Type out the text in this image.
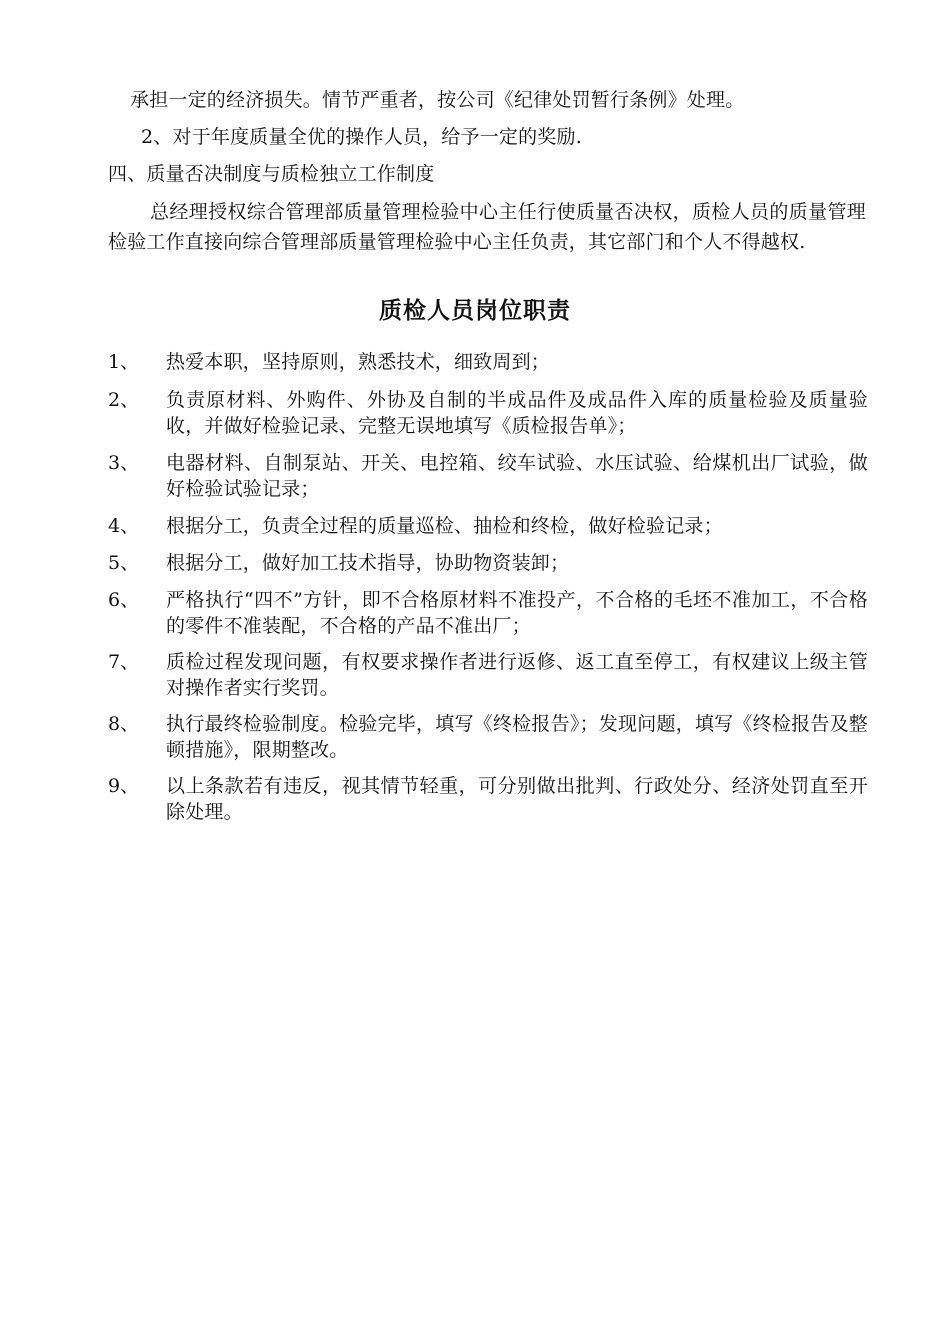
承担一定的经济损失。情节严重者，按公司《纪律处罚暂行条例》处理。
2、对于年度质量全优的操作人员，给予一定的奖励.
四、质量否决制度与质检独立工作制度
总经理授权综合管理部质量管理检验中心主任行使质量否决权，质检人员的质量管理检验工作直接向综合管理部质量管理检验中心主任负责，其它部门和个人不得越权.
质检人员岗位职责
1、	热爱本职，坚持原则，熟悉技术，细致周到；
2、	负责原材料、外购件、外协及自制的半成品件及成品件入库的质量检验及质量验收，并做好检验记录、完整无误地填写《质检报告单》；
3、	电器材料、自制泵站、开关、电控箱、绞车试验、水压试验、给煤机出厂试验，做好检验试验记录；
4、	根据分工，负责全过程的质量巡检、抽检和终检，做好检验记录；
5、	根据分工，做好加工技术指导，协助物资装卸；
6、	严格执行“四不”方针，即不合格原材料不准投产，不合格的毛坯不准加工，不合格的零件不准装配，不合格的产品不准出厂；
7、	质检过程发现问题，有权要求操作者进行返修、返工直至停工，有权建议上级主管对操作者实行奖罚。
8、	执行最终检验制度。检验完毕，填写《终检报告》；发现问题，填写《终检报告及整顿措施》，限期整改。
9、	以上条款若有违反，视其情节轻重，可分别做出批判、行政处分、经济处罚直至开除处理。
